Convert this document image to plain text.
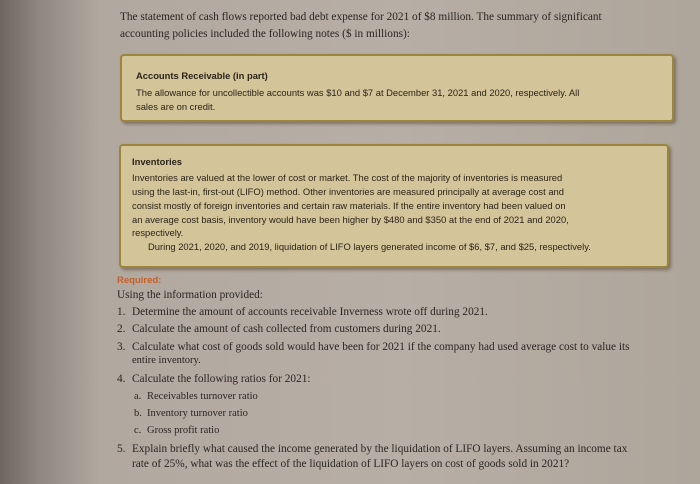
The statement of cash flows reported bad debt expense for 2021 of $8 million. The summary of significant
accounting policies included the following notes ($ in millions):
Accounts Receivable (in part)
The allowance for uncollectible accounts was $10 and $7 at December 31, 2021 and 2020, respectively. All
sales are on credit.
Inventories
Inventories are valued at the lower of cost or market. The cost of the majority of inventories is measured
using the last-in, first-out (LIFO) method. Other inventories are measured principally at average cost and
consist mostly of foreign inventories and certain raw materials. If the entire inventory had been valued on
an average cost basis, inventory would have been higher by $480 and $350 at the end of 2021 and 2020,
respectively.
During 2021, 2020, and 2019, liquidation of LIFO layers generated income of $6, $7, and $25, respectively.
Required:
Using the information provided:
1. Determine the amount of accounts receivable Inverness wrote off during 2021.
2. Calculate the amount of cash collected from customers during 2021.
3. Calculate what cost of goods sold would have been for 2021 if the company had used average cost to value its
entire inventory.
4. Calculate the following ratios for 2021:
a. Receivables turnover ratio
b. Inventory turnover ratio
c. Gross profit ratio
5. Explain briefly what caused the income generated by the liquidation of LIFO layers. Assuming an income tax
rate of 25%, what was the effect of the liquidation of LIFO layers on cost of goods sold in 2021?
